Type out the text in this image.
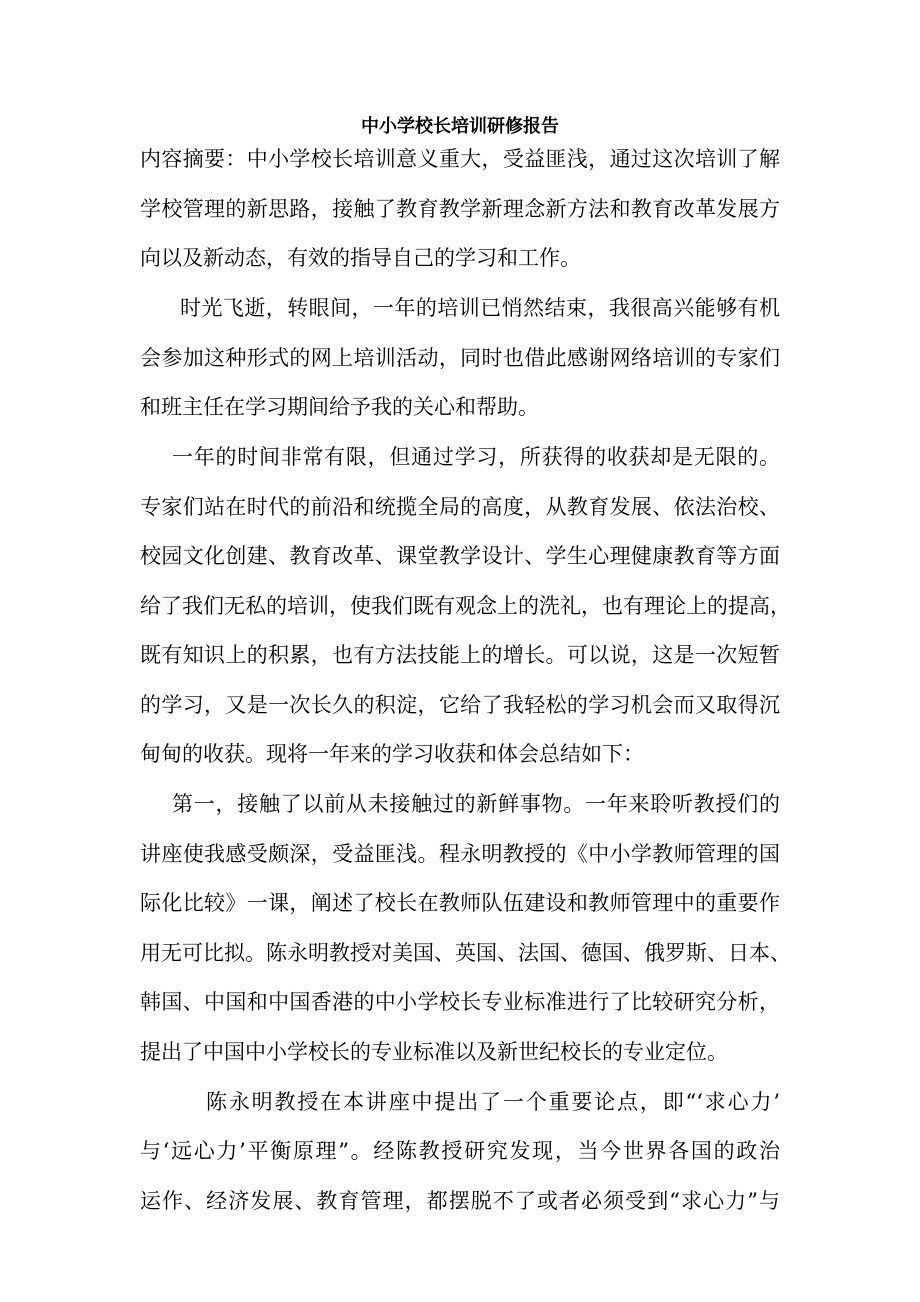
中小学校长培训研修报告
内容摘要：中小学校长培训意义重大，受益匪浅，通过这次培训了解
学校管理的新思路，接触了教育教学新理念新方法和教育改革发展方
向以及新动态，有效的指导自己的学习和工作。
时光飞逝，转眼间，一年的培训已悄然结束，我很高兴能够有机
会参加这种形式的网上培训活动，同时也借此感谢网络培训的专家们
和班主任在学习期间给予我的关心和帮助。
一年的时间非常有限，但通过学习，所获得的收获却是无限的。
专家们站在时代的前沿和统揽全局的高度，从教育发展、依法治校、
校园文化创建、教育改革、课堂教学设计、学生心理健康教育等方面
给了我们无私的培训，使我们既有观念上的洗礼，也有理论上的提高，
既有知识上的积累，也有方法技能上的增长。可以说，这是一次短暂
的学习，又是一次长久的积淀，它给了我轻松的学习机会而又取得沉
甸甸的收获。现将一年来的学习收获和体会总结如下：
第一，接触了以前从未接触过的新鲜事物。一年来聆听教授们的
讲座使我感受颇深，受益匪浅。程永明教授的《中小学教师管理的国
际化比较》一课，阐述了校长在教师队伍建设和教师管理中的重要作
用无可比拟。陈永明教授对美国、英国、法国、德国、俄罗斯、日本、
韩国、中国和中国香港的中小学校长专业标准进行了比较研究分析，
提出了中国中小学校长的专业标准以及新世纪校长的专业定位。
陈永明教授在本讲座中提出了一个重要论点，即“‘求心力’
与‘远心力’平衡原理”。经陈教授研究发现，当今世界各国的政治
运作、经济发展、教育管理，都摆脱不了或者必须受到“求心力”与
